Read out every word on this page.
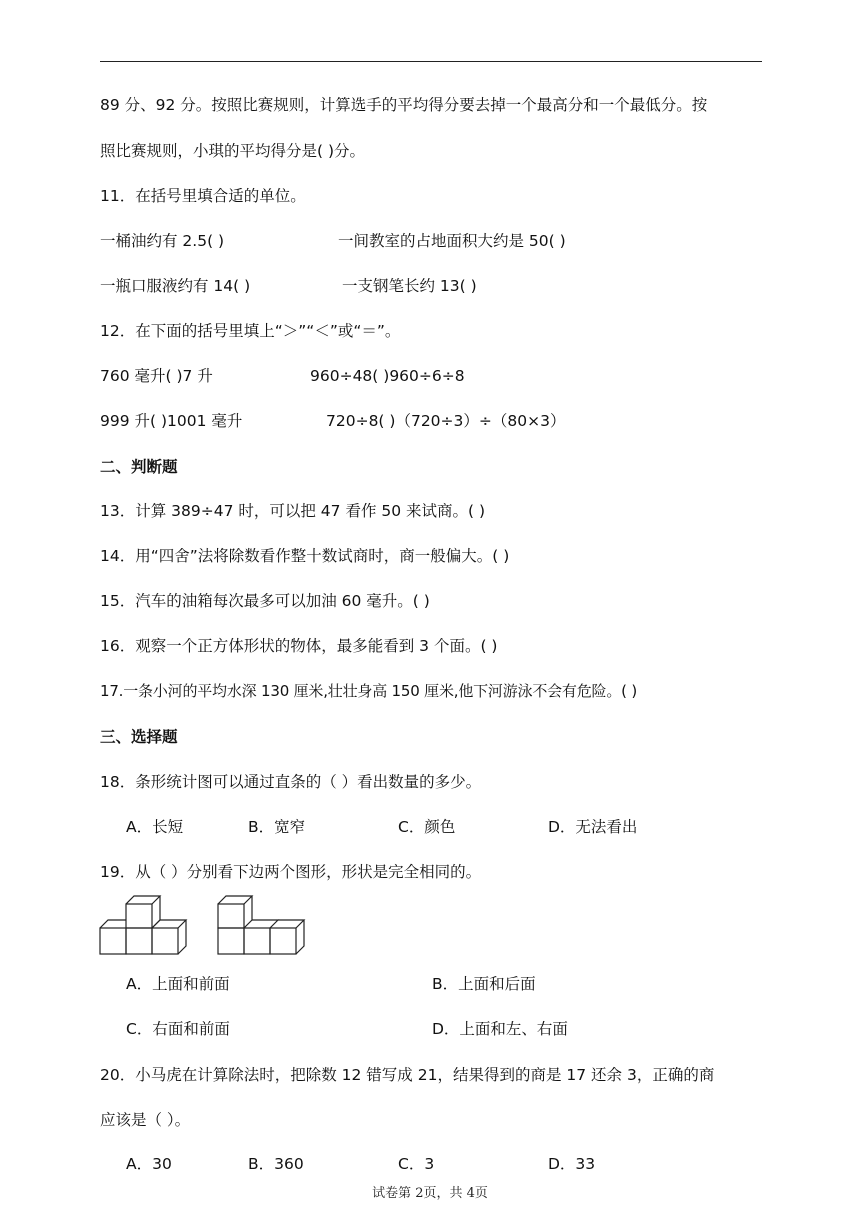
89 分、92 分。按照比赛规则，计算选手的平均得分要去掉一个最高分和一个最低分。按
照比赛规则，小琪的平均得分是( )分。
11．在括号里填合适的单位。
一桶油约有 2.5( )	一间教室的占地面积大约是 50( )
一瓶口服液约有 14( )	一支钢笔长约 13( )
12．在下面的括号里填上“＞”“＜”或“＝”。
760 毫升( )7 升	960÷48( )960÷6÷8
999 升( )1001 毫升	720÷8( )（720÷3）÷（80×3）
二、判断题
13．计算 389÷47 时，可以把 47 看作 50 来试商。( )
14．用“四舍”法将除数看作整十数试商时，商一般偏大。( )
15．汽车的油箱每次最多可以加油 60 毫升。( )
16．观察一个正方体形状的物体，最多能看到 3 个面。( )
17.一条小河的平均水深 130 厘米,壮壮身高 150 厘米,他下河游泳不会有危险。( )
三、选择题
18．条形统计图可以通过直条的（ ）看出数量的多少。
A．长短	B．宽窄	C．颜色	D．无法看出
19．从（ ）分别看下边两个图形，形状是完全相同的。
A．上面和前面	B．上面和后面
C．右面和前面	D．上面和左、右面
20．小马虎在计算除法时，把除数 12 错写成 21，结果得到的商是 17 还余 3，正确的商
应该是（ ）。
A．30	B．360	C．3	D．33
试卷第 2页，共 4页
